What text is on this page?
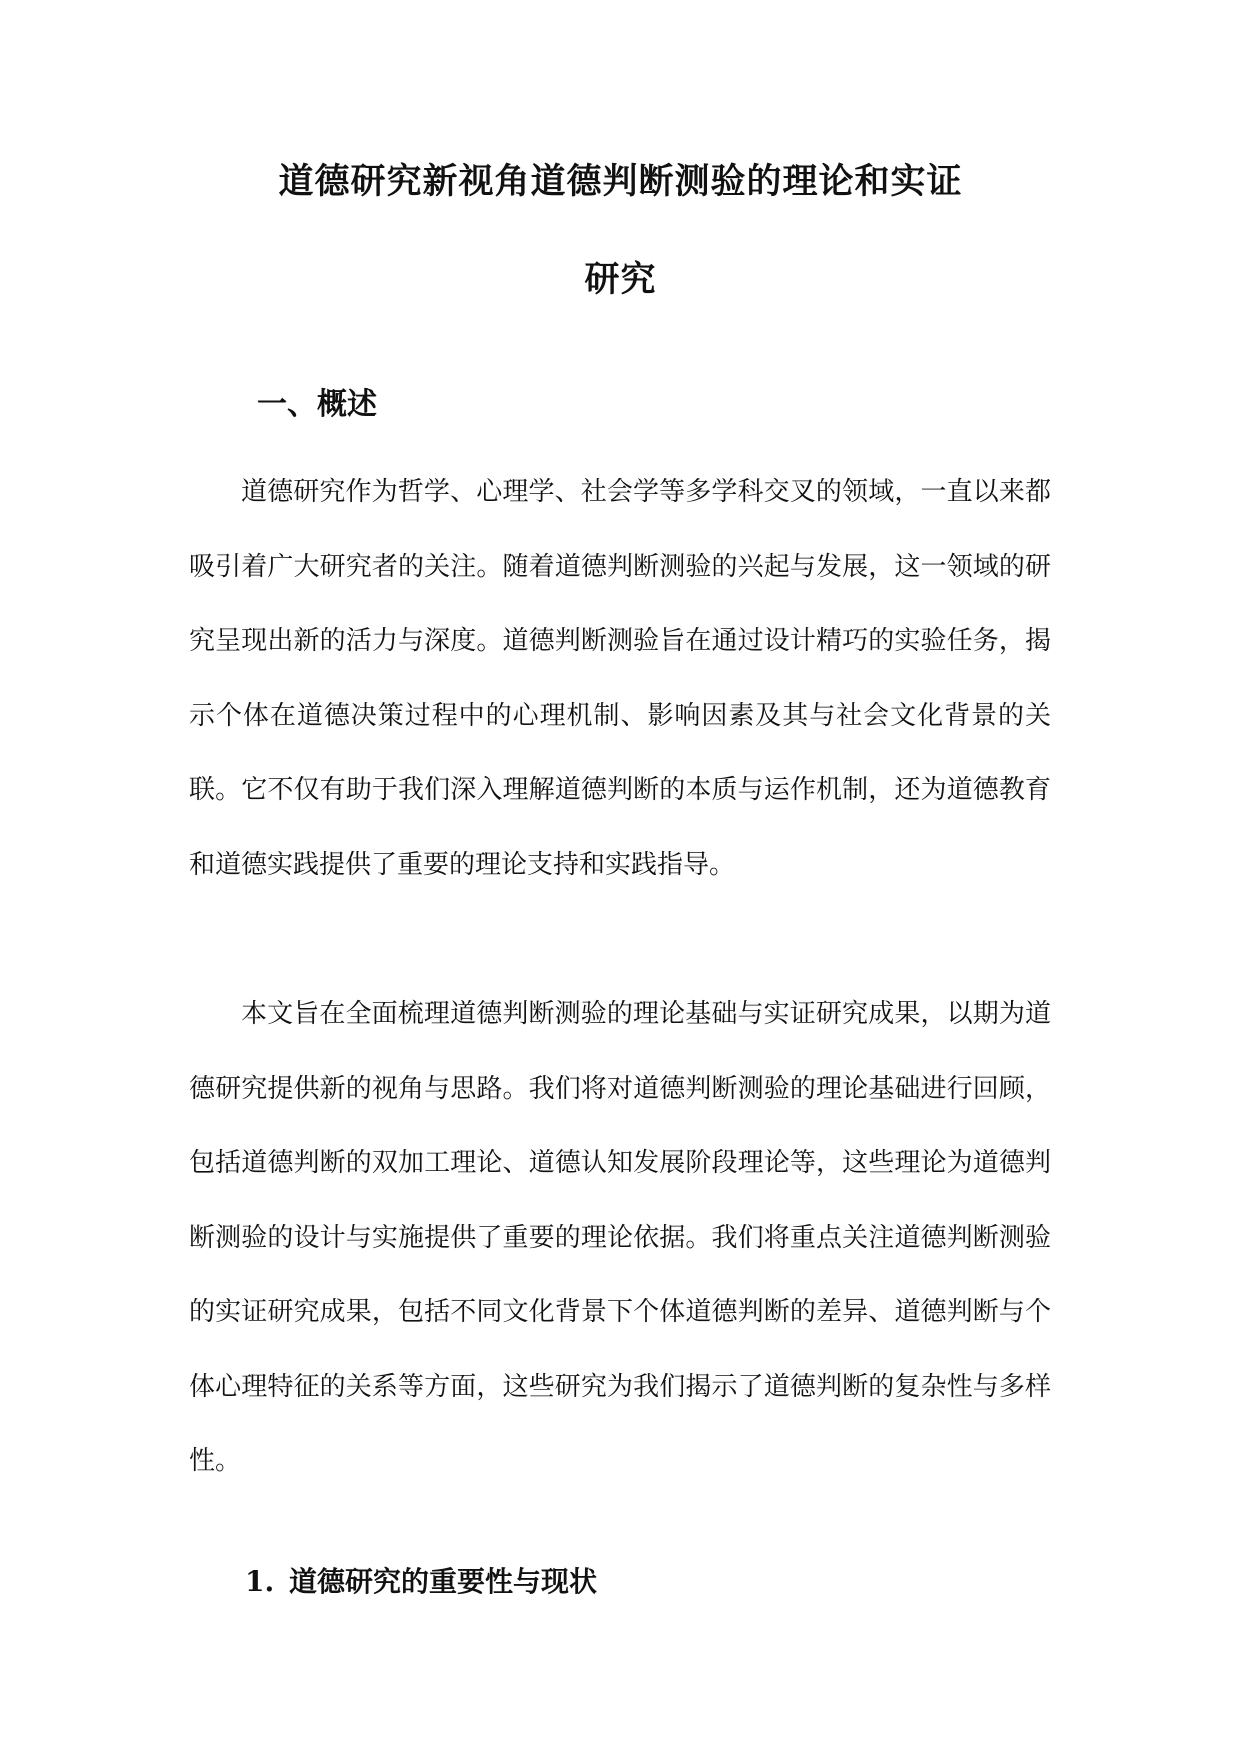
道德研究新视角道德判断测验的理论和实证
研究
一、概述

道德研究作为哲学、心理学、社会学等多学科交叉的领域，一直以来都吸引着广大研究者的关注。随着道德判断测验的兴起与发展，这一领域的研究呈现出新的活力与深度。道德判断测验旨在通过设计精巧的实验任务，揭示个体在道德决策过程中的心理机制、影响因素及其与社会文化背景的关联。它不仅有助于我们深入理解道德判断的本质与运作机制，还为道德教育和道德实践提供了重要的理论支持和实践指导。

本文旨在全面梳理道德判断测验的理论基础与实证研究成果，以期为道德研究提供新的视角与思路。我们将对道德判断测验的理论基础进行回顾，包括道德判断的双加工理论、道德认知发展阶段理论等，这些理论为道德判断测验的设计与实施提供了重要的理论依据。我们将重点关注道德判断测验的实证研究成果，包括不同文化背景下个体道德判断的差异、道德判断与个体心理特征的关系等方面，这些研究为我们揭示了道德判断的复杂性与多样性。

1. 道德研究的重要性与现状
